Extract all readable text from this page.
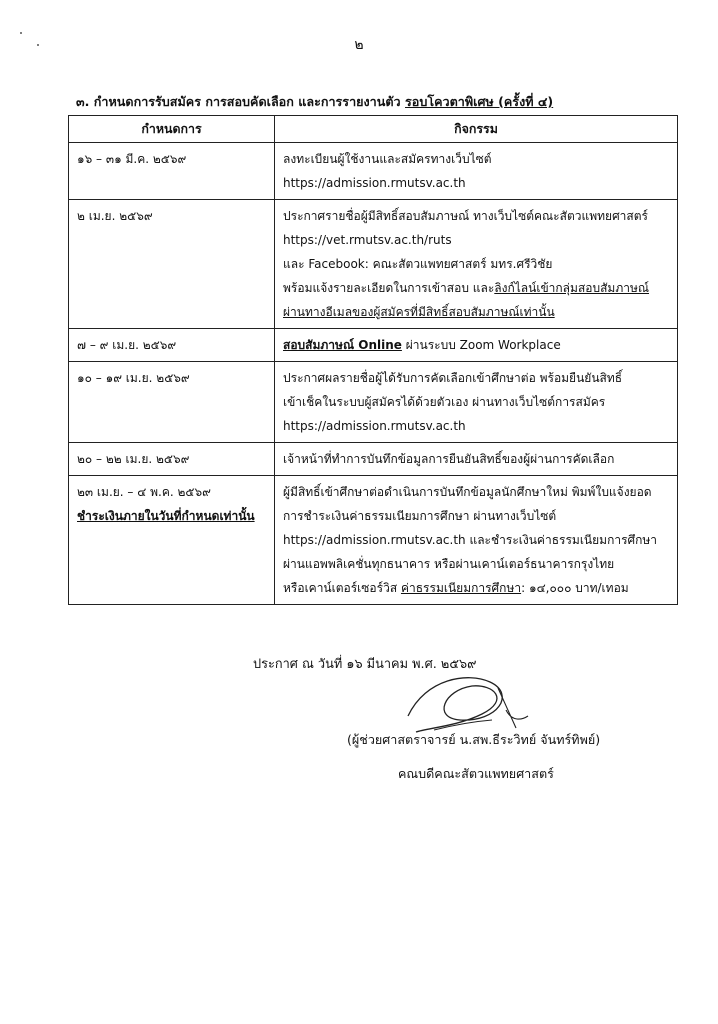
๒
๓. กำหนดการรับสมัคร การสอบคัดเลือก และการรายงานตัว รอบโควตาพิเศษ (ครั้งที่ ๔)
กำหนดการ	กิจกรรม

๑๖ – ๓๑ มี.ค. ๒๕๖๙	ลงทะเบียนผู้ใช้งานและสมัครทางเว็บไซต์
https://admission.rmutsv.ac.th

๒ เม.ย. ๒๕๖๙	ประกาศรายชื่อผู้มีสิทธิ์สอบสัมภาษณ์ ทางเว็บไซต์คณะสัตวแพทยศาสตร์
https://vet.rmutsv.ac.th/ruts
และ Facebook: คณะสัตวแพทยศาสตร์ มทร.ศรีวิชัย
พร้อมแจ้งรายละเอียดในการเข้าสอบ และลิงก์ไลน์เข้ากลุ่มสอบสัมภาษณ์
ผ่านทางอีเมลของผู้สมัครที่มีสิทธิ์สอบสัมภาษณ์เท่านั้น

๗ – ๙ เม.ย. ๒๕๖๙	สอบสัมภาษณ์ Online ผ่านระบบ Zoom Workplace

๑๐ – ๑๙ เม.ย. ๒๕๖๙	ประกาศผลรายชื่อผู้ได้รับการคัดเลือกเข้าศึกษาต่อ พร้อมยืนยันสิทธิ์
เข้าเช็คในระบบผู้สมัครได้ด้วยตัวเอง ผ่านทางเว็บไซต์การสมัคร
https://admission.rmutsv.ac.th

๒๐ – ๒๒ เม.ย. ๒๕๖๙	เจ้าหน้าที่ทำการบันทึกข้อมูลการยืนยันสิทธิ์ของผู้ผ่านการคัดเลือก

๒๓ เม.ย. – ๔ พ.ค. ๒๕๖๙
ชำระเงินภายในวันที่กำหนดเท่านั้น	ผู้มีสิทธิ์เข้าศึกษาต่อดำเนินการบันทึกข้อมูลนักศึกษาใหม่ พิมพ์ใบแจ้งยอด
การชำระเงินค่าธรรมเนียมการศึกษา ผ่านทางเว็บไซต์
https://admission.rmutsv.ac.th และชำระเงินค่าธรรมเนียมการศึกษา
ผ่านแอพพลิเคชั่นทุกธนาคาร หรือผ่านเคาน์เตอร์ธนาคารกรุงไทย
หรือเคาน์เตอร์เซอร์วิส ค่าธรรมเนียมการศึกษา: ๑๔,๐๐๐ บาท/เทอม
ประกาศ ณ วันที่ ๑๖ มีนาคม พ.ศ. ๒๕๖๙
(ผู้ช่วยศาสตราจารย์ น.สพ.ธีระวิทย์ จันทร์ทิพย์)
คณบดีคณะสัตวแพทยศาสตร์
